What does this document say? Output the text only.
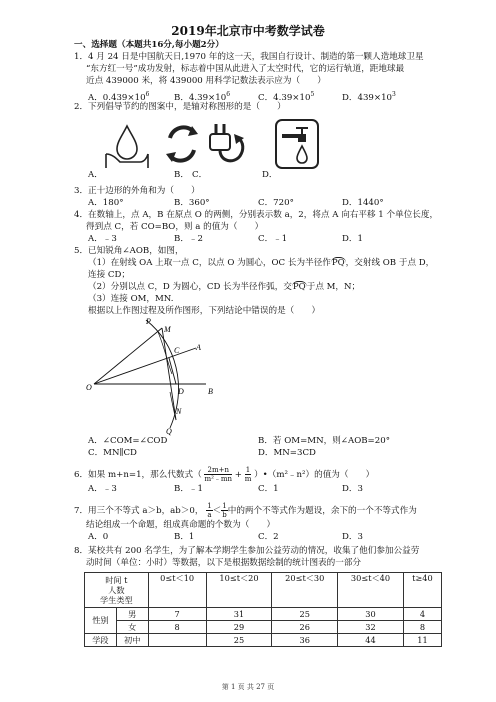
2019年北京市中考数学试卷
一、选择题（本题共16分,每小题2分）
1．4 月 24 日是中国航天日,1970 年的这一天，我国自行设计、制造的第一颗人造地球卫星
“东方红一号”成功发射，标志着中国从此进入了太空时代，它的运行轨道，距地球最
近点 439000 米，将 439000 用科学记数法表示应为（　　）
A．$0.439\times 10^6$	B．$4.39\times 10^6$	C．$4.39\times 10^5$	D．$439\times 10^3$
2．下列倡导节约的图案中，是轴对称图形的是（　　）
A．	B． C．	D．
3．正十边形的外角和为（　　）
A．180°	B．360°	C．720°	D．1440°
4．在数轴上，点 A，B 在原点 O 的两侧，分别表示数 a，2，将点 A 向右平移 1 个单位长度，
得到点 C，若 CO=BO，则 a 的值为（　　）
A．﹣3	B．﹣2	C．﹣1	D．1
5．已知锐角∠AOB，如图，
（1）在射线 OA 上取一点 C，以点 O 为圆心，OC 长为半径作PQ，交射线 OB 于点 D，
连接 CD；
（2）分别以点 C，D 为圆心，CD 长为半径作弧，交PQ于点 M，N；
（3）连接 OM，MN.
根据以上作图过程及所作图形，下列结论中错误的是（　　）
P
M
C A
O	D	B
N
Q
A．∠COM=∠COD	B．若 OM=MN，则∠AOB=20°
C．MN∥CD	D．MN=3CD
6．如果 m+n=1，那么代数式（ $\frac{2m+n}{\text{m²﹣mn}} + \frac{1}{m}$ ）•（m²﹣n²）的值为（　　）
A．﹣3	B．﹣1	C．1	D．3
7．用三个不等式 a＞b，ab＞0， $\frac{1}{a} < \frac{1}{b}$ 中的两个不等式作为题设，余下的一个不等式作为
结论组成一个命题，组成真命题的个数为（　　）
A．0	B．1	C．2	D．3
8．某校共有 200 名学生，为了解本学期学生参加公益劳动的情况，收集了他们参加公益劳
动时间（单位：小时）等数据，以下是根据数据绘制的统计图表的一部分
时间 t
人数
学生类型		0≤t＜10	10≤t＜20	20≤t＜30	30≤t＜40	t≥40
性别	男	7	31	25	30	4
	女	8	29	26	32	8
学段	初中		25	36	44	11
第 1 页 共 27 页
